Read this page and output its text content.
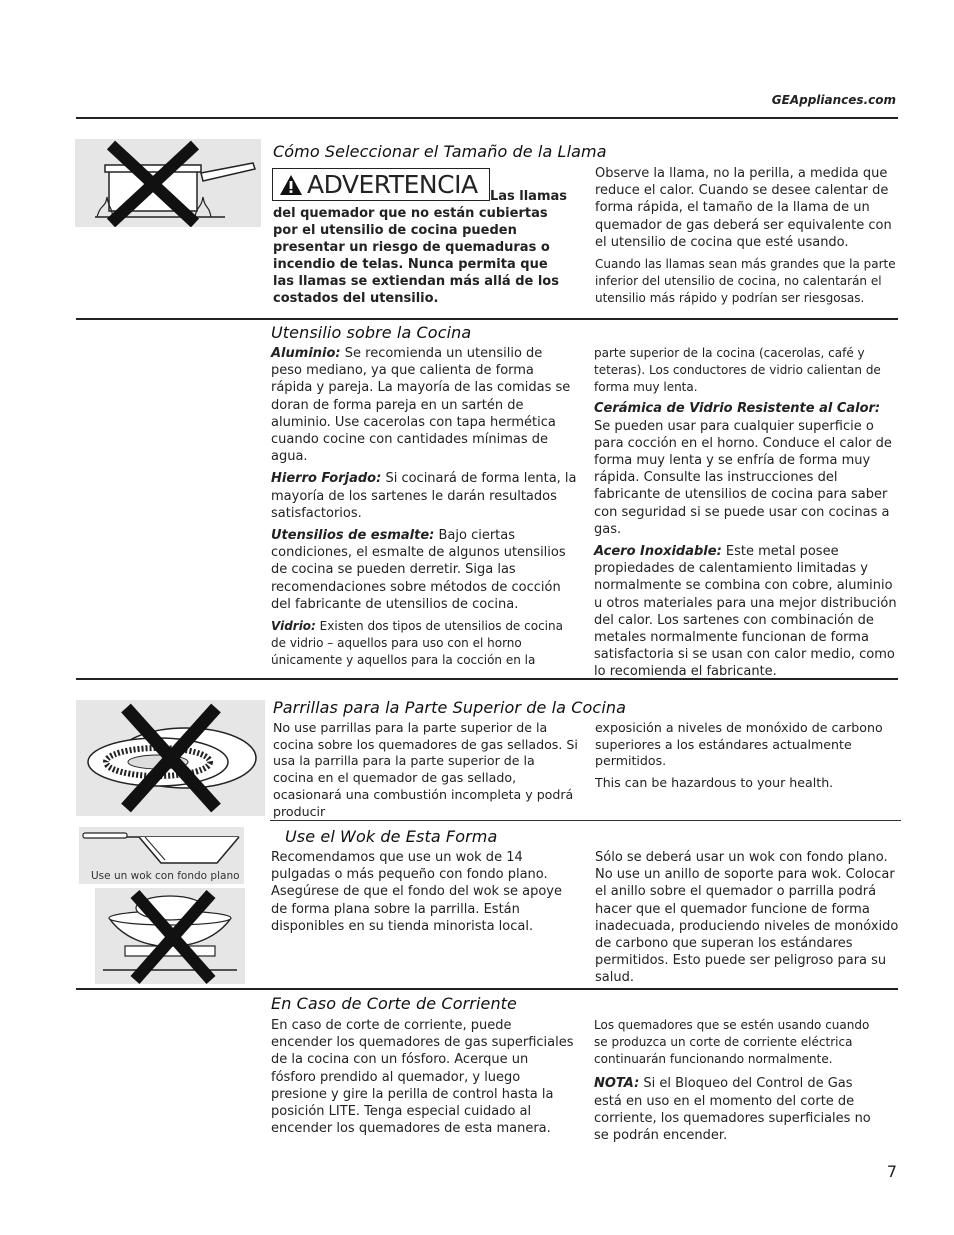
GEAppliances.com
Cómo Seleccionar el Tamaño de la Llama
ADVERTENCIA Las llamas
del quemador que no están cubiertas por el utensilio de cocina pueden presentar un riesgo de quemaduras o incendio de telas. Nunca permita que las llamas se extiendan más allá de los costados del utensilio.

Observe la llama, no la perilla, a medida que reduce el calor. Cuando se desee calentar de forma rápida, el tamaño de la llama de un quemador de gas deberá ser equivalente con el utensilio de cocina que esté usando.

Cuando las llamas sean más grandes que la parte inferior del utensilio de cocina, no calentarán el utensilio más rápido y podrían ser riesgosas.

Utensilio sobre la Cocina

Aluminio: Se recomienda un utensilio de peso mediano, ya que calienta de forma rápida y pareja. La mayoría de las comidas se doran de forma pareja en un sartén de aluminio. Use cacerolas con tapa hermética cuando cocine con cantidades mínimas de agua.

Hierro Forjado: Si cocinará de forma lenta, la mayoría de los sartenes le darán resultados satisfactorios.

Utensilios de esmalte: Bajo ciertas condiciones, el esmalte de algunos utensilios de cocina se pueden derretir. Siga las recomendaciones sobre métodos de cocción del fabricante de utensilios de cocina.

Vidrio: Existen dos tipos de utensilios de cocina de vidrio – aquellos para uso con el horno únicamente y aquellos para la cocción en la

parte superior de la cocina (cacerolas, café y teteras). Los conductores de vidrio calientan de forma muy lenta.

Cerámica de Vidrio Resistente al Calor: Se pueden usar para cualquier superficie o para cocción en el horno. Conduce el calor de forma muy lenta y se enfría de forma muy rápida. Consulte las instrucciones del fabricante de utensilios de cocina para saber con seguridad si se puede usar con cocinas a gas.

Acero Inoxidable: Este metal posee propiedades de calentamiento limitadas y normalmente se combina con cobre, aluminio u otros materiales para una mejor distribución del calor. Los sartenes con combinación de metales normalmente funcionan de forma satisfactoria si se usan con calor medio, como lo recomienda el fabricante.

Parrillas para la Parte Superior de la Cocina

No use parrillas para la parte superior de la cocina sobre los quemadores de gas sellados. Si usa la parrilla para la parte superior de la cocina en el quemador de gas sellado, ocasionará una combustión incompleta y podrá producir

exposición a niveles de monóxido de carbono superiores a los estándares actualmente permitidos.

This can be hazardous to your health.

Use un wok con fondo plano
Use el Wok de Esta Forma

Recomendamos que use un wok de 14 pulgadas o más pequeño con fondo plano. Asegúrese de que el fondo del wok se apoye de forma plana sobre la parrilla. Están disponibles en su tienda minorista local.

Sólo se deberá usar un wok con fondo plano. No use un anillo de soporte para wok. Colocar el anillo sobre el quemador o parrilla podrá hacer que el quemador funcione de forma inadecuada, produciendo niveles de monóxido de carbono que superan los estándares permitidos. Esto puede ser peligroso para su salud.

En Caso de Corte de Corriente

En caso de corte de corriente, puede encender los quemadores de gas superficiales de la cocina con un fósforo. Acerque un fósforo prendido al quemador, y luego presione y gire la perilla de control hasta la posición LITE. Tenga especial cuidado al encender los quemadores de esta manera.

Los quemadores que se estén usando cuando se produzca un corte de corriente eléctrica continuarán funcionando normalmente.

NOTA: Si el Bloqueo del Control de Gas está en uso en el momento del corte de corriente, los quemadores superficiales no se podrán encender.

7
